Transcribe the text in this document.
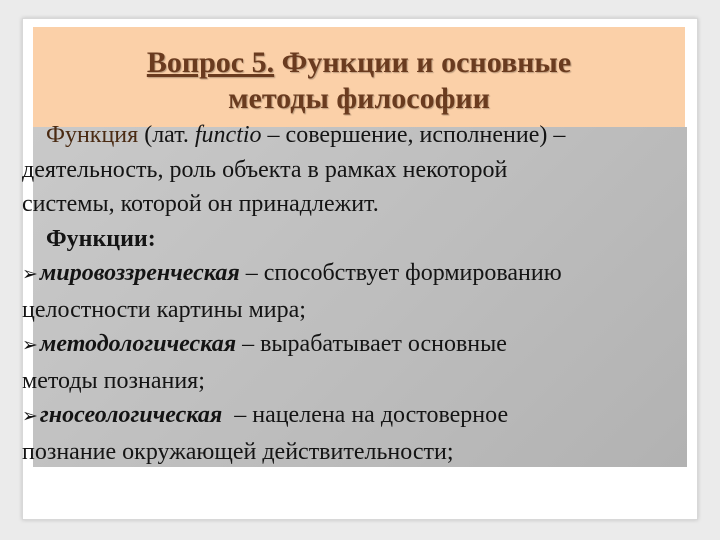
Вопрос 5. Функции и основные
методы философии

Функция (лат. functio – совершение, исполнение) –

деятельность, роль объекта в рамках некоторой

системы, которой он принадлежит.

Функции:

➢мировоззренческая – способствует формированию

целостности картины мира;

➢методологическая – вырабатывает основные

методы познания;

➢гносеологическая  – нацелена на достоверное

познание окружающей действительности;
